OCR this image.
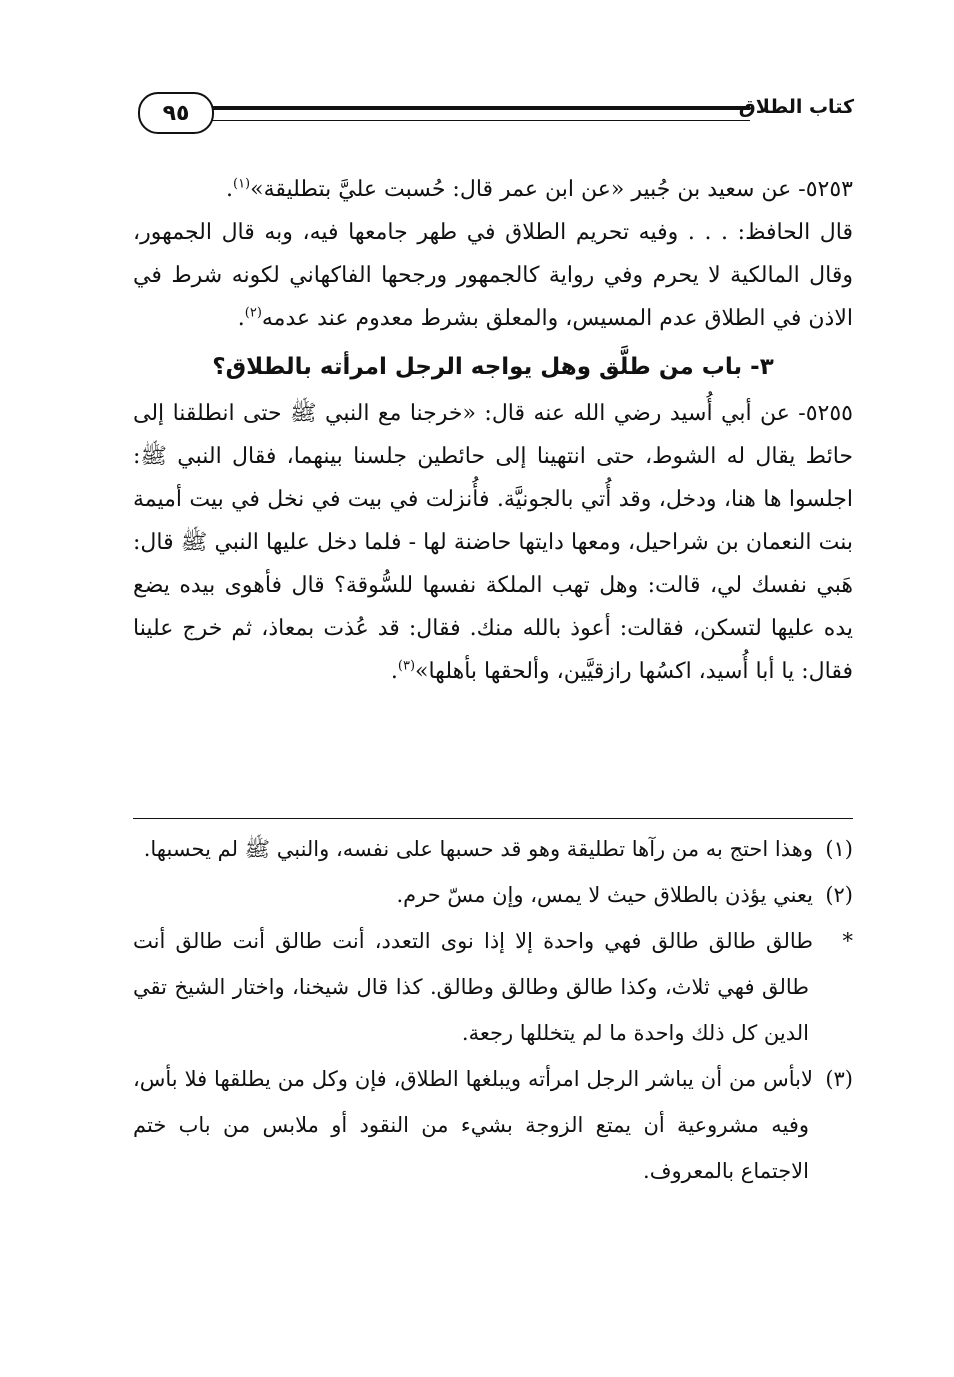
كتاب الطلاق
٩٥

٥٢٥٣- عن سعيد بن جُبير «عن ابن عمر قال: حُسبت عليَّ بتطليقة»$^{(١)}$.

قال الحافظ: . . . وفيه تحريم الطلاق في طهر جامعها فيه، وبه قال الجمهور، وقال المالكية لا يحرم وفي رواية كالجمهور ورجحها الفاكهاني لكونه شرط في الاذن في الطلاق عدم المسيس، والمعلق بشرط معدوم عند عدمه$^{(٢)}$.

٣- باب من طلَّق وهل يواجه الرجل امرأته بالطلاق؟

٥٢٥٥- عن أبي أُسيد رضي الله عنه قال: «خرجنا مع النبي ﷺ حتى انطلقنا إلى حائط يقال له الشوط، حتى انتهينا إلى حائطين جلسنا بينهما، فقال النبي ﷺ: اجلسوا ها هنا، ودخل، وقد أُتي بالجونيَّة. فأُنزلت في بيت في نخل في بيت أميمة بنت النعمان بن شراحيل، ومعها دايتها حاضنة لها - فلما دخل عليها النبي ﷺ قال: هَبي نفسك لي، قالت: وهل تهب الملكة نفسها للسُّوقة؟ قال فأهوى بيده يضع يده عليها لتسكن، فقالت: أعوذ بالله منك. فقال: قد عُذت بمعاذ، ثم خرج علينا فقال: يا أبا أُسيد، اكسُها رازقيَّين، وألحقها بأهلها»$^{(٣)}$.

(١)وهذا احتج به من رآها تطليقة وهو قد حسبها على نفسه، والنبي ﷺ لم يحسبها.

(٢)يعني يؤذن بالطلاق حيث لا يمس، وإن مسّ حرم.

*طالق طالق طالق فهي واحدة إلا إذا نوى التعدد، أنت طالق أنت طالق أنت طالق فهي ثلاث، وكذا طالق وطالق وطالق. كذا قال شيخنا، واختار الشيخ تقي الدين كل ذلك واحدة ما لم يتخللها رجعة.

(٣)لابأس من أن يباشر الرجل امرأته ويبلغها الطلاق، فإن وكل من يطلقها فلا بأس، وفيه مشروعية أن يمتع الزوجة بشيء من النقود أو ملابس من باب ختم الاجتماع بالمعروف.
